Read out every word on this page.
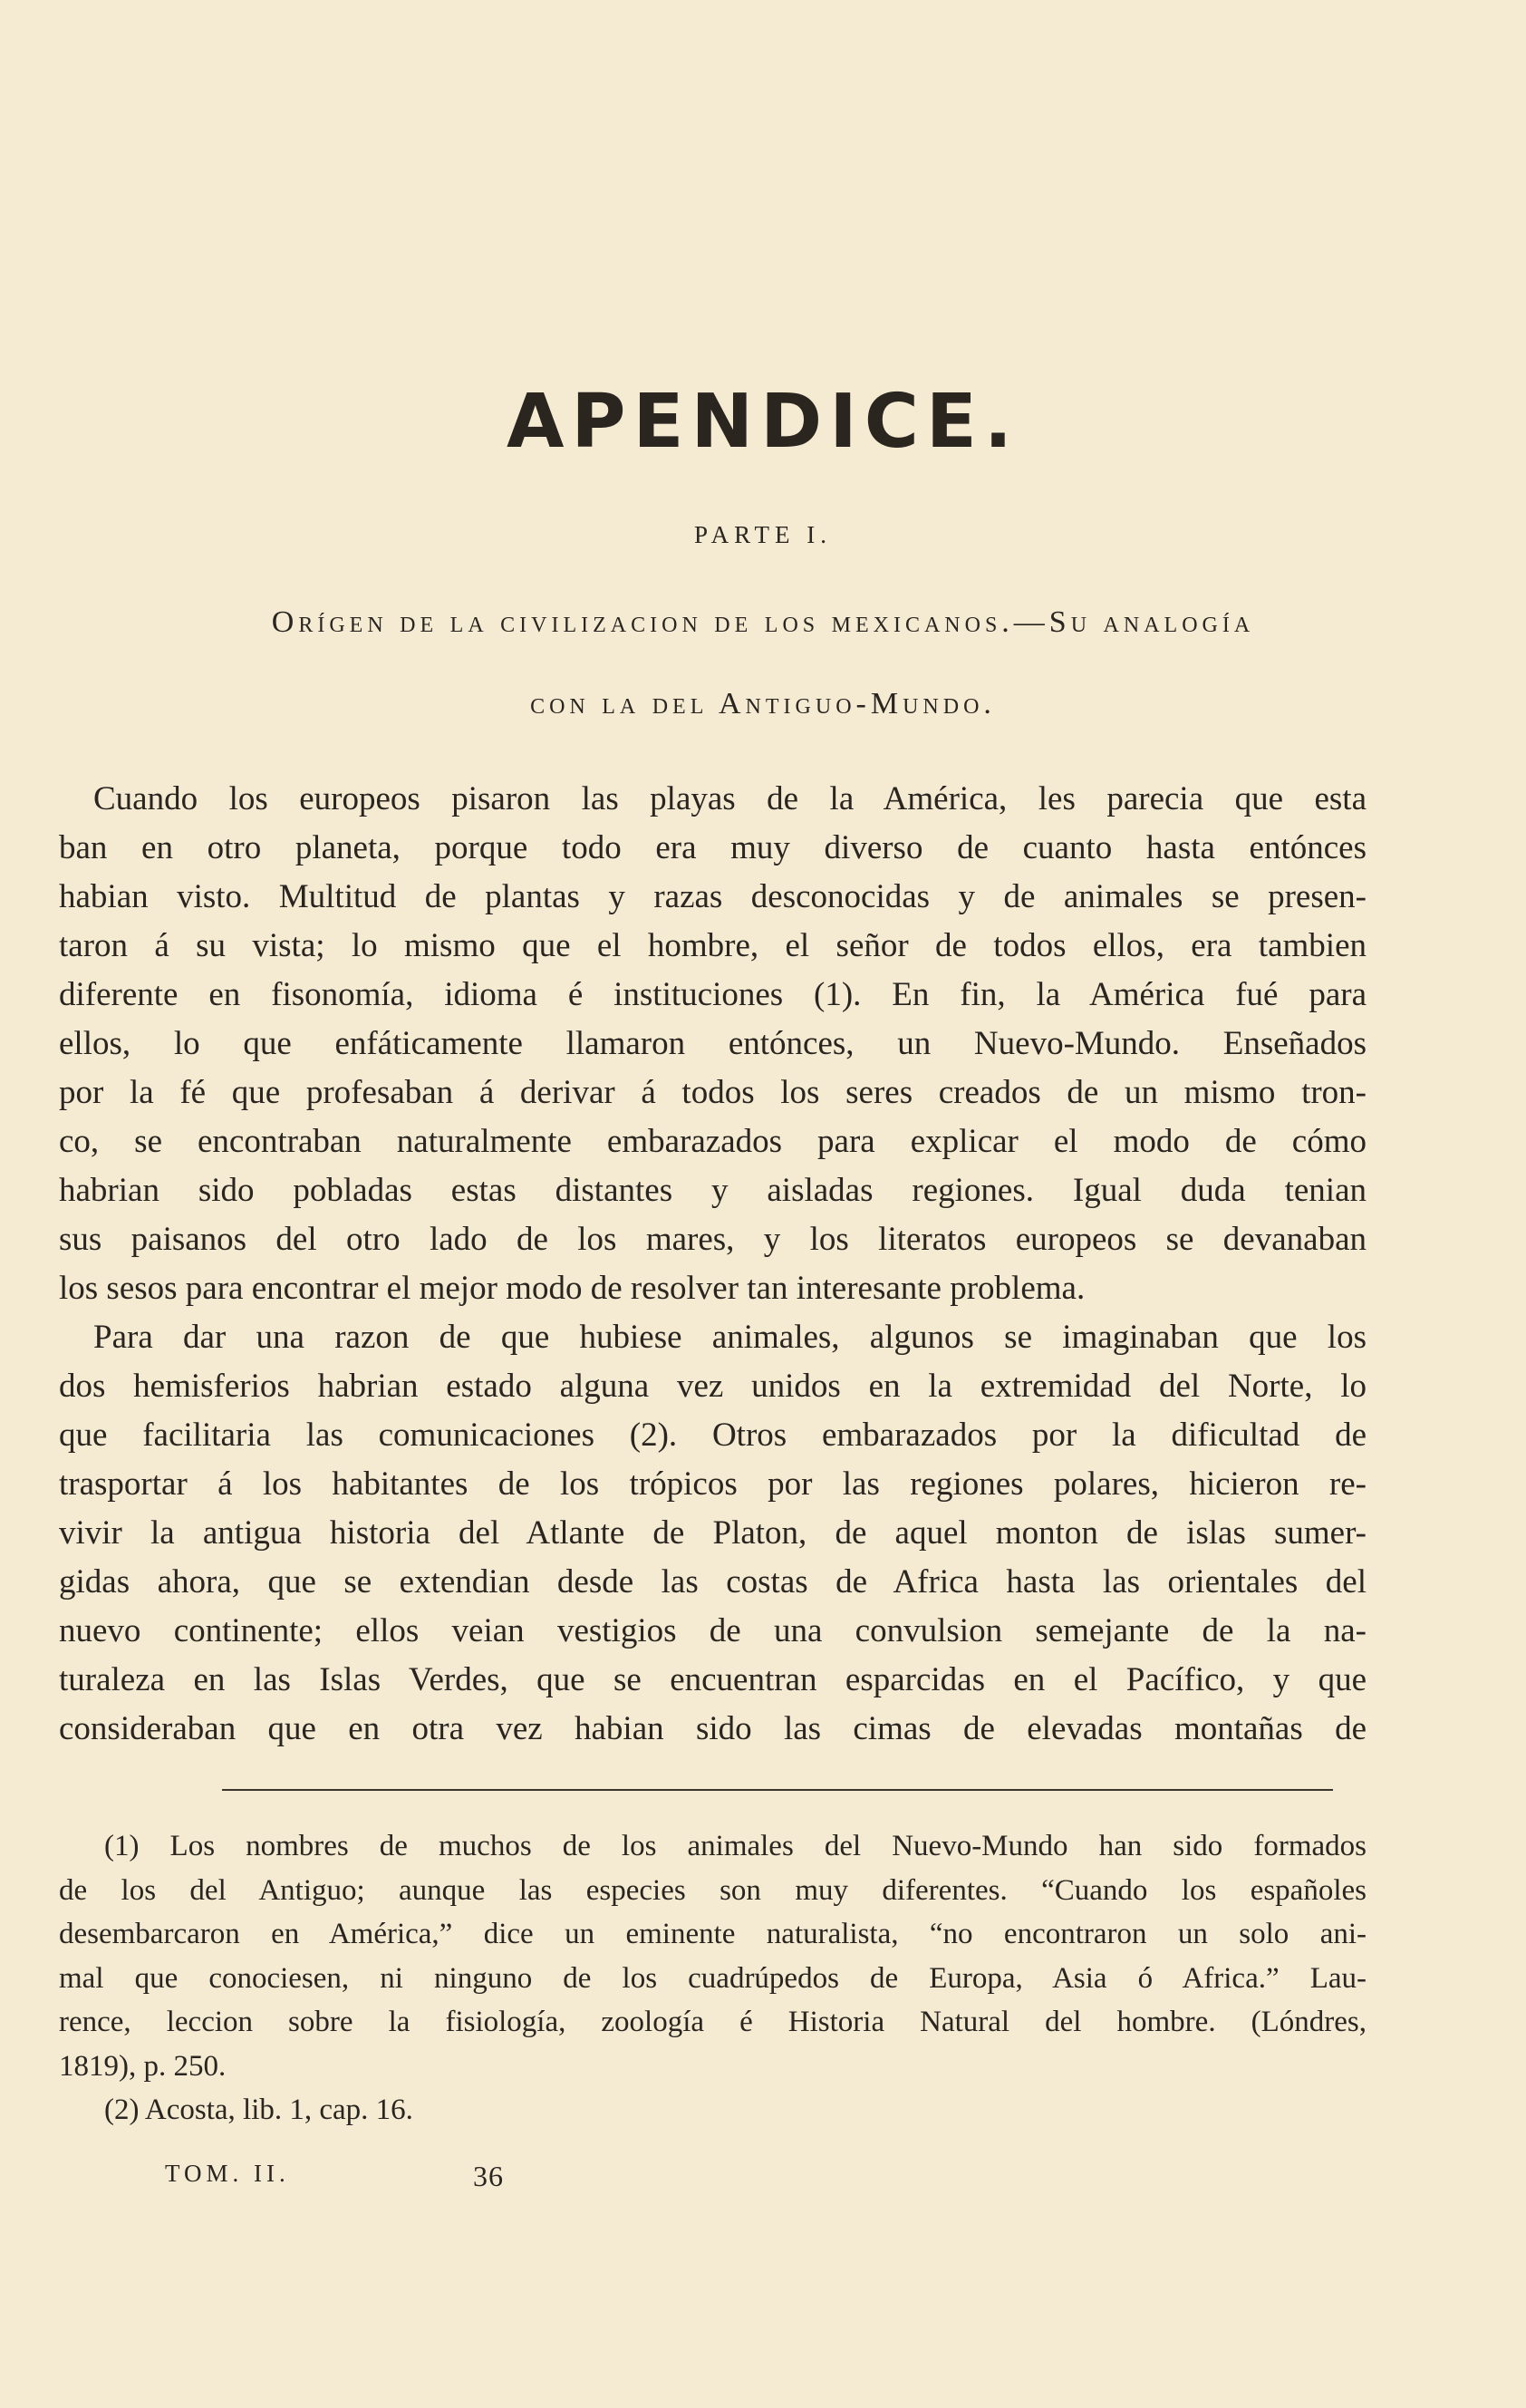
APENDICE.
PARTE I.
Orígen de la civilizacion de los mexicanos.—Su analogía
con la del Antiguo-Mundo.

Cuando los europeos pisaron las playas de la América, les parecia que esta

ban en otro planeta, porque todo era muy diverso de cuanto hasta entónces

habian visto. Multitud de plantas y razas desconocidas y de animales se presen-

taron á su vista; lo mismo que el hombre, el señor de todos ellos, era tambien

diferente en fisonomía, idioma é instituciones (1). En fin, la América fué para

ellos, lo que enfáticamente llamaron entónces, un Nuevo-Mundo. Enseñados

por la fé que profesaban á derivar á todos los seres creados de un mismo tron-

co, se encontraban naturalmente embarazados para explicar el modo de cómo

habrian sido pobladas estas distantes y aisladas regiones. Igual duda tenian

sus paisanos del otro lado de los mares, y los literatos europeos se devanaban

los sesos para encontrar el mejor modo de resolver tan interesante problema.

Para dar una razon de que hubiese animales, algunos se imaginaban que los

dos hemisferios habrian estado alguna vez unidos en la extremidad del Norte, lo

que facilitaria las comunicaciones (2). Otros embarazados por la dificultad de

trasportar á los habitantes de los trópicos por las regiones polares, hicieron re-

vivir la antigua historia del Atlante de Platon, de aquel monton de islas sumer-

gidas ahora, que se extendian desde las costas de Africa hasta las orientales del

nuevo continente; ellos veian vestigios de una convulsion semejante de la na-

turaleza en las Islas Verdes, que se encuentran esparcidas en el Pacífico, y que

consideraban que en otra vez habian sido las cimas de elevadas montañas de

(1) Los nombres de muchos de los animales del Nuevo-Mundo han sido formados

de los del Antiguo; aunque las especies son muy diferentes. “Cuando los españoles

desembarcaron en América,” dice un eminente naturalista, “no encontraron un solo ani-

mal que conociesen, ni ninguno de los cuadrúpedos de Europa, Asia ó Africa.” Lau-

rence, leccion sobre la fisiología, zoología é Historia Natural del hombre. (Lóndres,

1819), p. 250.

(2) Acosta, lib. 1, cap. 16.

TOM. II.	36
